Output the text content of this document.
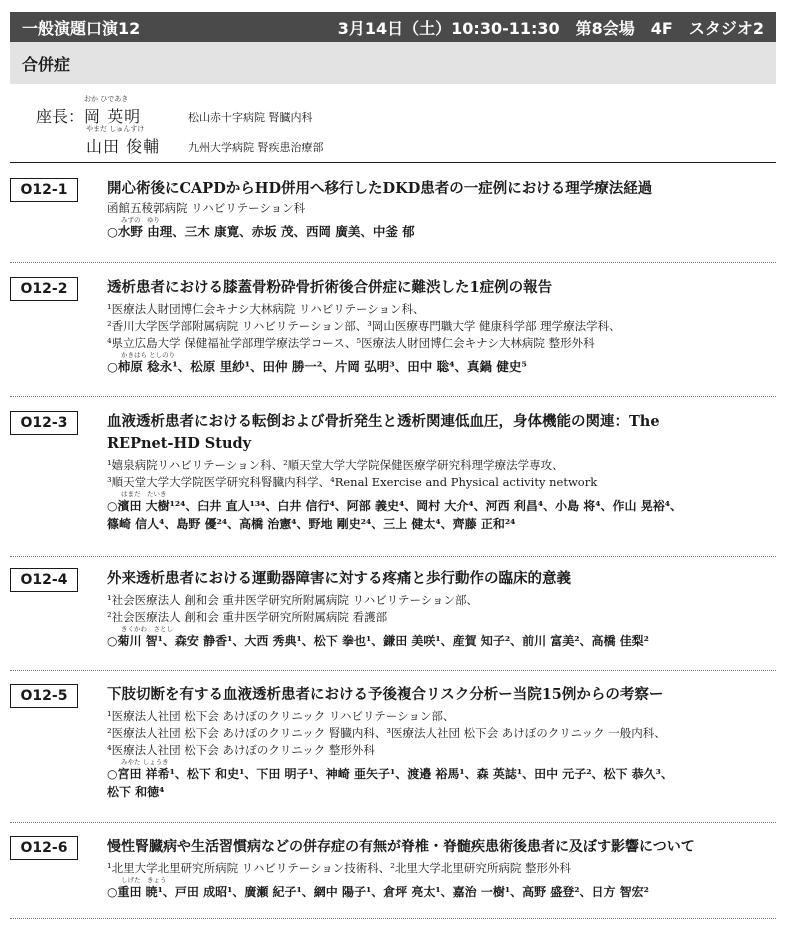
一般演題口演12	3月14日（土）10:30-11:30　第8会場　4F　スタジオ2
合併症
座長：
おか ひであき
岡 英明	松山赤十字病院 腎臓内科
やまだ しゅんすけ
山田 俊輔	九州大学病院 腎疾患治療部
O12-1	開心術後にCAPDからHD併用へ移行したDKD患者の一症例における理学療法経過
函館五稜郭病院 リハビリテーション科
みずの　ゆり
○水野 由理、三木 康寛、赤坂 茂、西岡 廣美、中釜 郁
O12-2	透析患者における膝蓋骨粉砕骨折術後合併症に難渋した1症例の報告
¹医療法人財団博仁会キナシ大林病院 リハビリテーション科、
²香川大学医学部附属病院 リハビリテーション部、³岡山医療専門職大学 健康科学部 理学療法学科、
⁴県立広島大学 保健福祉学部理学療法学コース、⁵医療法人財団博仁会キナシ大林病院 整形外科
かきはら としのり
○柿原 稔永¹、松原 里紗¹、田仲 勝一²、片岡 弘明³、田中 聡⁴、真鍋 健史⁵
O12-3	血液透析患者における転倒および骨折発生と透析関連低血圧，身体機能の関連：The
REPnet-HD Study
¹嬉泉病院リハビリテーション科、²順天堂大学大学院保健医療学研究科理学療法学専攻、
³順天堂大学大学院医学研究科腎臓内科学、⁴Renal Exercise and Physical activity network
はまだ　たいき
○濱田 大樹¹²⁴、臼井 直人¹³⁴、白井 信行⁴、阿部 義史⁴、岡村 大介⁴、河西 利昌⁴、小島 将⁴、作山 晃裕⁴、
篠崎 信人⁴、島野 優²⁴、高橋 治憲⁴、野地 剛史²⁴、三上 健太⁴、齊藤 正和²⁴
O12-4	外来透析患者における運動器障害に対する疼痛と歩行動作の臨床的意義
¹社会医療法人 創和会 重井医学研究所附属病院 リハビリテーション部、
²社会医療法人 創和会 重井医学研究所附属病院 看護部
きくかわ　さとし
○菊川 智¹、森安 静香¹、大西 秀典¹、松下 拳也¹、鎌田 美咲¹、産賀 知子²、前川 富美²、高橋 佳梨²
O12-5	下肢切断を有する血液透析患者における予後複合リスク分析ー当院15例からの考察ー
¹医療法人社団 松下会 あけぼのクリニック リハビリテーション部、
²医療法人社団 松下会 あけぼのクリニック 腎臓内科、³医療法人社団 松下会 あけぼのクリニック 一般内科、
⁴医療法人社団 松下会 あけぼのクリニック 整形外科
みやた しょうき
○宮田 祥希¹、松下 和史¹、下田 明子¹、神崎 亜矢子¹、渡邉 裕馬¹、森 英誌¹、田中 元子²、松下 恭久³、
松下 和徳⁴
O12-6	慢性腎臓病や生活習慣病などの併存症の有無が脊椎・脊髄疾患術後患者に及ぼす影響について
¹北里大学北里研究所病院 リハビリテーション技術科、²北里大学北里研究所病院 整形外科
しげた　きょう
○重田 暁¹、戸田 成昭¹、廣瀬 紀子¹、網中 陽子¹、倉坪 亮太¹、嘉治 一樹¹、高野 盛登²、日方 智宏²
